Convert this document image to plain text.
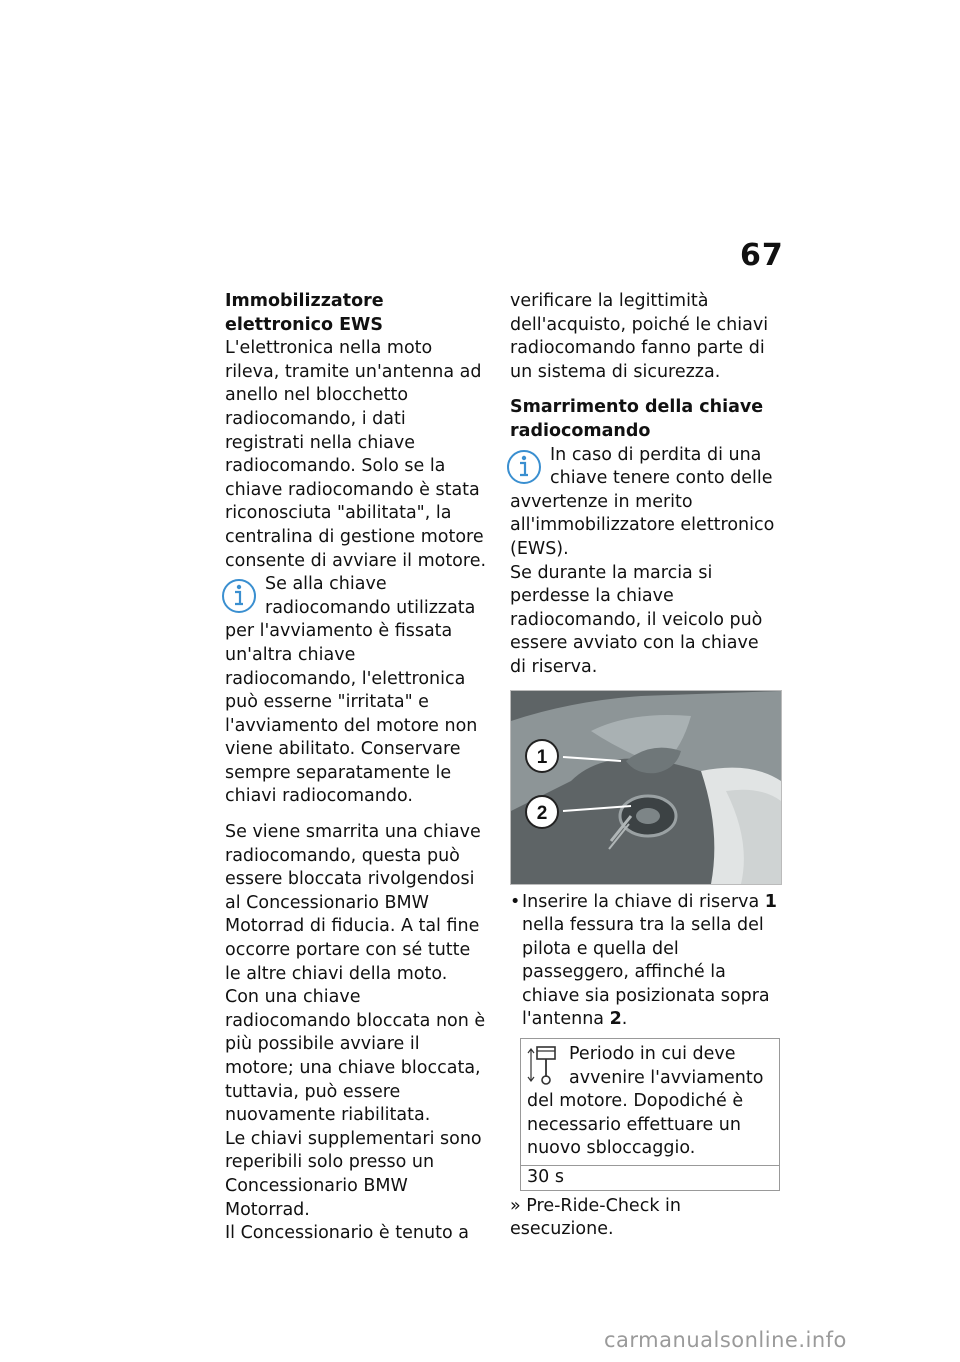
67

Immobilizzatore elettronico EWS

L'elettronica nella moto rileva, tramite un'antenna ad anello nel blocchetto radiocomando, i dati registrati nella chiave radiocomando. Solo se la chiave radiocomando è stata riconosciuta "abilitata", la centralina di gestione motore consente di avviare il motore.

Se alla chiave radiocomando utilizzata per l'avviamento è fissata un'altra chiave radiocomando, l'elettronica può esserne "irritata" e l'avviamento del motore non viene abilitato. Conservare sempre separatamente le chiavi radiocomando.

Se viene smarrita una chiave radiocomando, questa può essere bloccata rivolgendosi al Concessionario BMW Motorrad di fiducia. A tal fine occorre portare con sé tutte le altre chiavi della moto.

Con una chiave radiocomando bloccata non è più possibile avviare il motore; una chiave bloccata, tuttavia, può essere nuovamente riabilitata.

Le chiavi supplementari sono reperibili solo presso un Concessionario BMW Motorrad.

Il Concessionario è tenuto a

verificare la legittimità dell'acquisto, poiché le chiavi radiocomando fanno parte di un sistema di sicurezza.

Smarrimento della chiave radiocomando

In caso di perdita di una chiave tenere conto delle avvertenze in merito all'immobilizzatore elettronico (EWS).

Se durante la marcia si perdesse la chiave radiocomando, il veicolo può essere avviato con la chiave di riserva.

1
2
• Inserire la chiave di riserva 1 nella fessura tra la sella del pilota e quella del passeggero, affinché la chiave sia posizionata sopra l'antenna 2.
Periodo in cui deve avvenire l'avviamento del motore. Dopodiché è necessario effettuare un nuovo sbloccaggio.
30 s

» Pre-Ride-Check in esecuzione.

carmanualsonline.info
